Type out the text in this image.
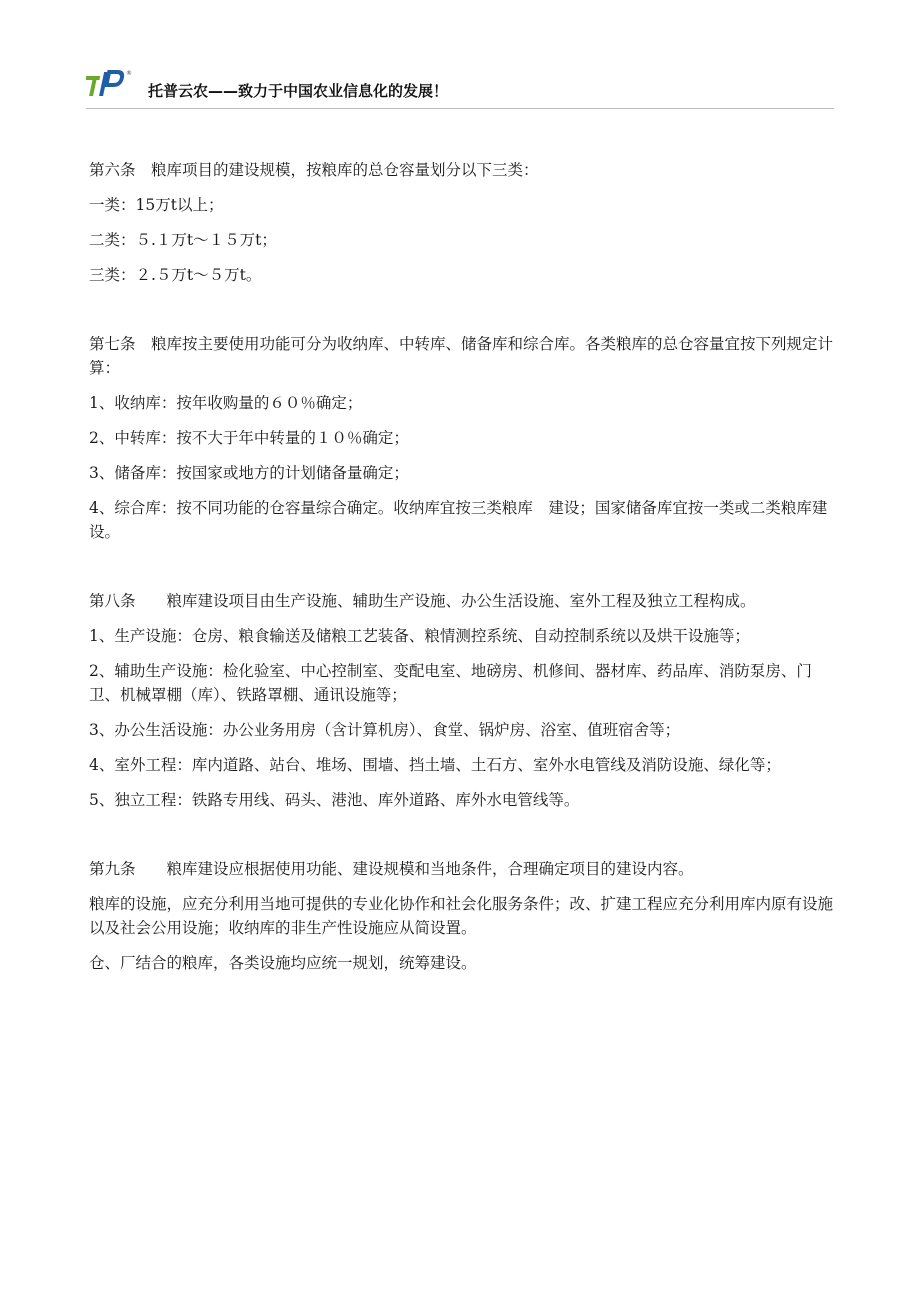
®
托普云农——致力于中国农业信息化的发展！

第六条　粮库项目的建设规模，按粮库的总仓容量划分以下三类：

一类：15万t以上；

二类：５.１万t～１５万t；

三类：２.５万t～５万t。

第七条　粮库按主要使用功能可分为收纳库、中转库、储备库和综合库。各类粮库的总仓容量宜按下列规定计算：

1、收纳库：按年收购量的６０％确定；

2、中转库：按不大于年中转量的１０％确定；

3、储备库：按国家或地方的计划储备量确定；

4、综合库：按不同功能的仓容量综合确定。收纳库宜按三类粮库　建设；国家储备库宜按一类或二类粮库建设。

第八条　　粮库建设项目由生产设施、辅助生产设施、办公生活设施、室外工程及独立工程构成。

1、生产设施：仓房、粮食输送及储粮工艺装备、粮情测控系统、自动控制系统以及烘干设施等；

2、辅助生产设施：检化验室、中心控制室、变配电室、地磅房、机修间、器材库、药品库、消防泵房、门卫、机械罩棚（库）、铁路罩棚、通讯设施等；

3、办公生活设施：办公业务用房（含计算机房）、食堂、锅炉房、浴室、值班宿舍等；

4、室外工程：库内道路、站台、堆场、围墙、挡土墙、土石方、室外水电管线及消防设施、绿化等；

5、独立工程：铁路专用线、码头、港池、库外道路、库外水电管线等。

第九条　　粮库建设应根据使用功能、建设规模和当地条件，合理确定项目的建设内容。

粮库的设施，应充分利用当地可提供的专业化协作和社会化服务条件；改、扩建工程应充分利用库内原有设施以及社会公用设施；收纳库的非生产性设施应从简设置。

仓、厂结合的粮库，各类设施均应统一规划，统筹建设。
